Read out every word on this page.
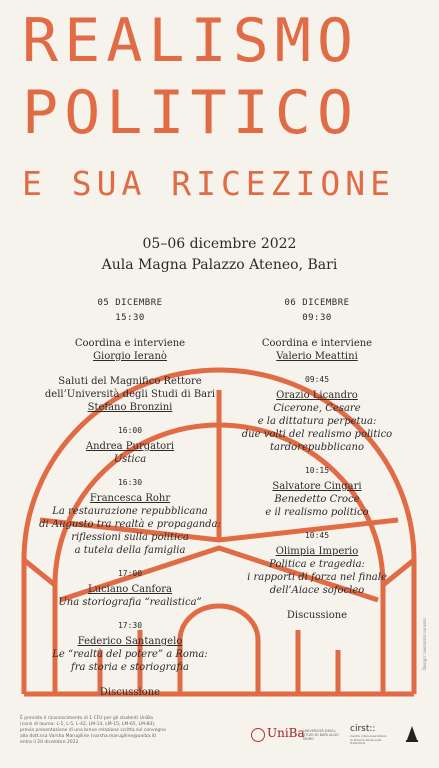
REALISMO
POLITICO
E SUA RICEZIONE
05–06 dicembre 2022
Aula Magna Palazzo Ateneo, Bari
05 DICEMBRE
15:30
Coordina e interviene
Giorgio Ieranò
Saluti del Magnifico Rettore
dell’Università degli Studi di Bari
Stefano Bronzini
16:00
Andrea Purgatori
Ustica
16:30
Francesca Rohr
La restaurazione repubblicana
di Augusto tra realtà e propaganda:
riflessioni sulla politica
a tutela della famiglia
17:00
Luciano Canfora
Una storiografia “realistica”
17:30
Federico Santangelo
Le “realtà del potere” a Roma:
fra storia e storiografia
Discussione
06 DICEMBRE
09:30
Coordina e interviene
Valerio Meattini
09:45
Orazio Licandro
Cicerone, Cesare
e la dittatura perpetua:
due volti del realismo politico
tardorepubblicano
10:15
Salvatore Cingari
Benedetto Croce
e il realismo politico
10:45
Olimpia Imperio
Politica e tragedia:
i rapporti di forza nel finale
dell’Aiace sofocleo
Discussione
Design: Leonardo Lorusso
È previsto il riconoscimento di 1 CFU per gli studenti UniBa
(corsi di laurea: L-1, L-5, L-42, LM-14, LM-15, LM-65, LM-84),
previa presentazione di una breve relazione scritta sul convegno
alla dott.ssa Varsha Marugiline (varsha.marugiline@uniba.it)
entro il 20 dicembre 2022.
UniBa
UNIVERSITÀ DEGLI STUDI DI BARI ALDO MORO
cirst::
Centro interuniversitario di Ricerca Studi sulla Tradizione
